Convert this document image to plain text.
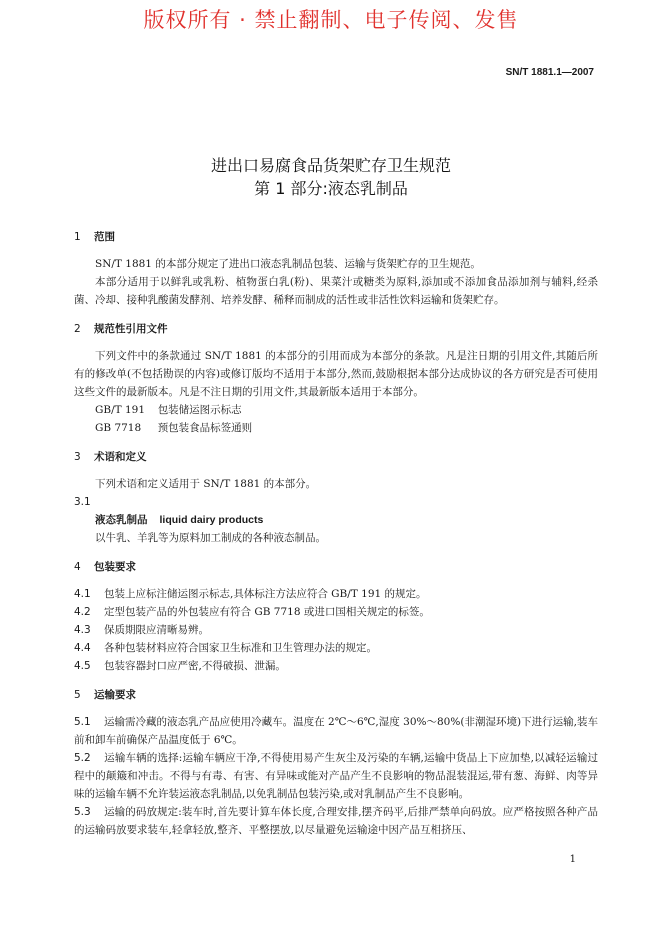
版权所有 · 禁止翻制、电子传阅、发售
SN/T 1881.1—2007
进出口易腐食品货架贮存卫生规范
第 1 部分:液态乳制品
1 范围
SN/T 1881 的本部分规定了进出口液态乳制品包装、运输与货架贮存的卫生规范。
本部分适用于以鲜乳或乳粉、植物蛋白乳(粉)、果菜汁或糖类为原料,添加或不添加食品添加剂与辅料,经杀菌、冷却、接种乳酸菌发酵剂、培养发酵、稀释而制成的活性或非活性饮料运输和货架贮存。
2 规范性引用文件
下列文件中的条款通过 SN/T 1881 的本部分的引用而成为本部分的条款。凡是注日期的引用文件,其随后所有的修改单(不包括勘误的内容)或修订版均不适用于本部分,然而,鼓励根据本部分达成协议的各方研究是否可使用这些文件的最新版本。凡是不注日期的引用文件,其最新版本适用于本部分。
GB/T 191 包装储运图示标志
GB 7718 预包装食品标签通则
3 术语和定义
下列术语和定义适用于 SN/T 1881 的本部分。
3.1
液态乳制品 liquid dairy products
以牛乳、羊乳等为原料加工制成的各种液态制品。
4 包装要求
4.1 包装上应标注储运图示标志,具体标注方法应符合 GB/T 191 的规定。
4.2 定型包装产品的外包装应有符合 GB 7718 或进口国相关规定的标签。
4.3 保质期限应清晰易辨。
4.4 各种包装材料应符合国家卫生标准和卫生管理办法的规定。
4.5 包装容器封口应严密,不得破损、泄漏。
5 运输要求
5.1 运输需冷藏的液态乳产品应使用冷藏车。温度在 2℃～6℃,湿度 30%～80%(非潮湿环境)下进行运输,装车前和卸车前确保产品温度低于 6℃。
5.2 运输车辆的选择:运输车辆应干净,不得使用易产生灰尘及污染的车辆,运输中货品上下应加垫,以减轻运输过程中的颠簸和冲击。不得与有毒、有害、有异味或能对产品产生不良影响的物品混装混运,带有葱、海鲜、肉等异味的运输车辆不允许装运液态乳制品,以免乳制品包装污染,或对乳制品产生不良影响。
5.3 运输的码放规定:装车时,首先要计算车体长度,合理安排,摆齐码平,后排严禁单向码放。应严格按照各种产品的运输码放要求装车,轻拿轻放,整齐、平整摆放,以尽量避免运输途中因产品互相挤压、
1
